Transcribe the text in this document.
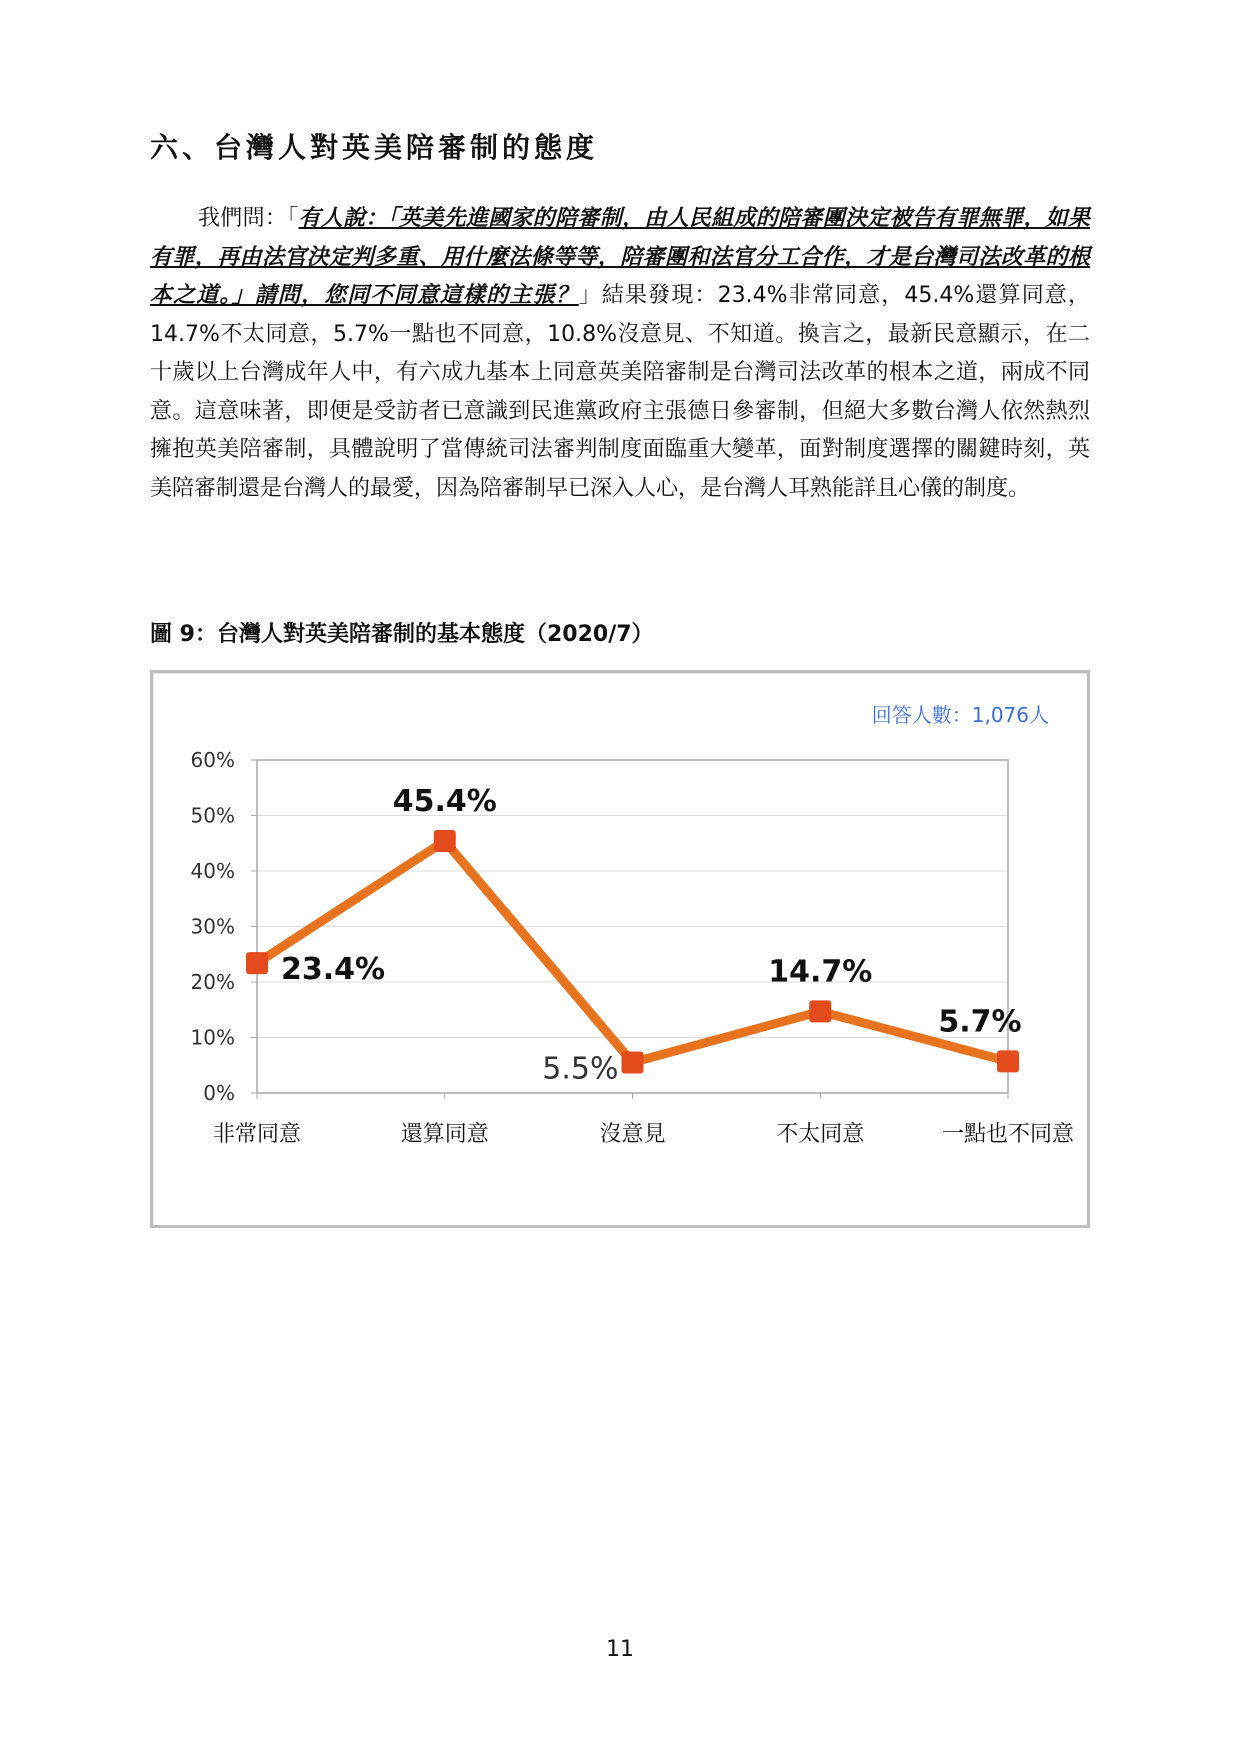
六、台灣人對英美陪審制的態度

我們問：「有人說：「英美先進國家的陪審制，由人民組成的陪審團決定被告有罪無罪，如果有罪，再由法官決定判多重、用什麼法條等等，陪審團和法官分工合作，才是台灣司法改革的根本之道。」請問，您同不同意這樣的主張？」結果發現：23.4%非常同意，45.4%還算同意，14.7%不太同意，5.7%一點也不同意，10.8%沒意見、不知道。換言之，最新民意顯示，在二十歲以上台灣成年人中，有六成九基本上同意英美陪審制是台灣司法改革的根本之道，兩成不同意。這意味著，即便是受訪者已意識到民進黨政府主張德日參審制，但絕大多數台灣人依然熱烈擁抱英美陪審制，具體說明了當傳統司法審判制度面臨重大變革，面對制度選擇的關鍵時刻，英美陪審制還是台灣人的最愛，因為陪審制早已深入人心，是台灣人耳熟能詳且心儀的制度。

圖 9：台灣人對英美陪審制的基本態度（2020/7）

回答人數：1,076人
0%
10%
20%
30%
40%
50%
60%
非常同意	還算同意	沒意見	不太同意	一點也不同意
23.4%
45.4%
5.5%
14.7%
5.7%
11
